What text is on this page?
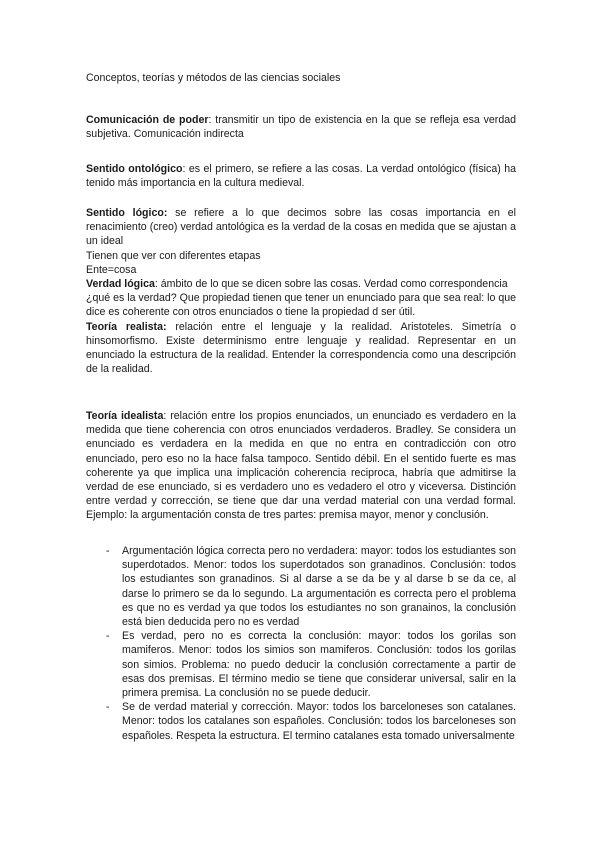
Conceptos, teorías y métodos de las ciencias sociales

Comunicación de poder: transmitir un tipo de existencia en la que se refleja esa verdad subjetiva. Comunicación indirecta

Sentido ontológico: es el primero, se refiere a las cosas. La verdad ontológico (física) ha tenido más importancia en la cultura medieval.

Sentido lógico: se refiere a lo que decimos sobre las cosas importancia en el renacimiento (creo) verdad antológica es la verdad de la cosas en medida que se ajustan a un ideal

Tienen que ver con diferentes etapas

Ente=cosa

Verdad lógica: ámbito de lo que se dicen sobre las cosas. Verdad como correspondencia

¿qué es la verdad? Que propiedad tienen que tener un enunciado para que sea real: lo que dice es coherente con otros enunciados o tiene la propiedad d ser útil.

Teoría realista: relación entre el lenguaje y la realidad. Aristoteles. Simetría o hinsomorfismo. Existe determinismo entre lenguaje y realidad. Representar en un enunciado la estructura de la realidad. Entender la correspondencia como una descripción de la realidad.

Teoría idealista: relación entre los propios enunciados, un enunciado es verdadero en la medida que tiene coherencia con otros enunciados verdaderos. Bradley. Se considera un enunciado es verdadera en la medida en que no entra en contradicción con otro enunciado, pero eso no la hace falsa tampoco. Sentido débil. En el sentido fuerte es mas coherente ya que implica una implicación coherencia reciproca, habría que admitirse la verdad de ese enunciado, si es verdadero uno es vedadero el otro y viceversa. Distinción entre verdad y corrección, se tiene que dar una verdad material con una verdad formal. Ejemplo: la argumentación consta de tres partes: premisa mayor, menor y conclusión.

- Argumentación lógica correcta pero no verdadera: mayor: todos los estudiantes son superdotados. Menor: todos los superdotados son granadinos. Conclusión: todos los estudiantes son granadinos. Si al darse a se da be y al darse b se da ce, al darse lo primero se da lo segundo. La argumentación es correcta pero el problema es que no es verdad ya que todos los estudiantes no son granainos, la conclusión está bien deducida pero no es verdad
- Es verdad, pero no es correcta la conclusión: mayor: todos los gorilas son mamiferos. Menor: todos los simios son mamiferos. Conclusión: todos los gorilas son simios. Problema: no puedo deducir la conclusión correctamente a partir de esas dos premisas. El término medio se tiene que considerar universal, salir en la primera premisa. La conclusión no se puede deducir.
- Se de verdad material y corrección. Mayor: todos los barceloneses son catalanes. Menor: todos los catalanes son españoles. Conclusión: todos los barceloneses son españoles. Respeta la estructura. El termino catalanes esta tomado universalmente
